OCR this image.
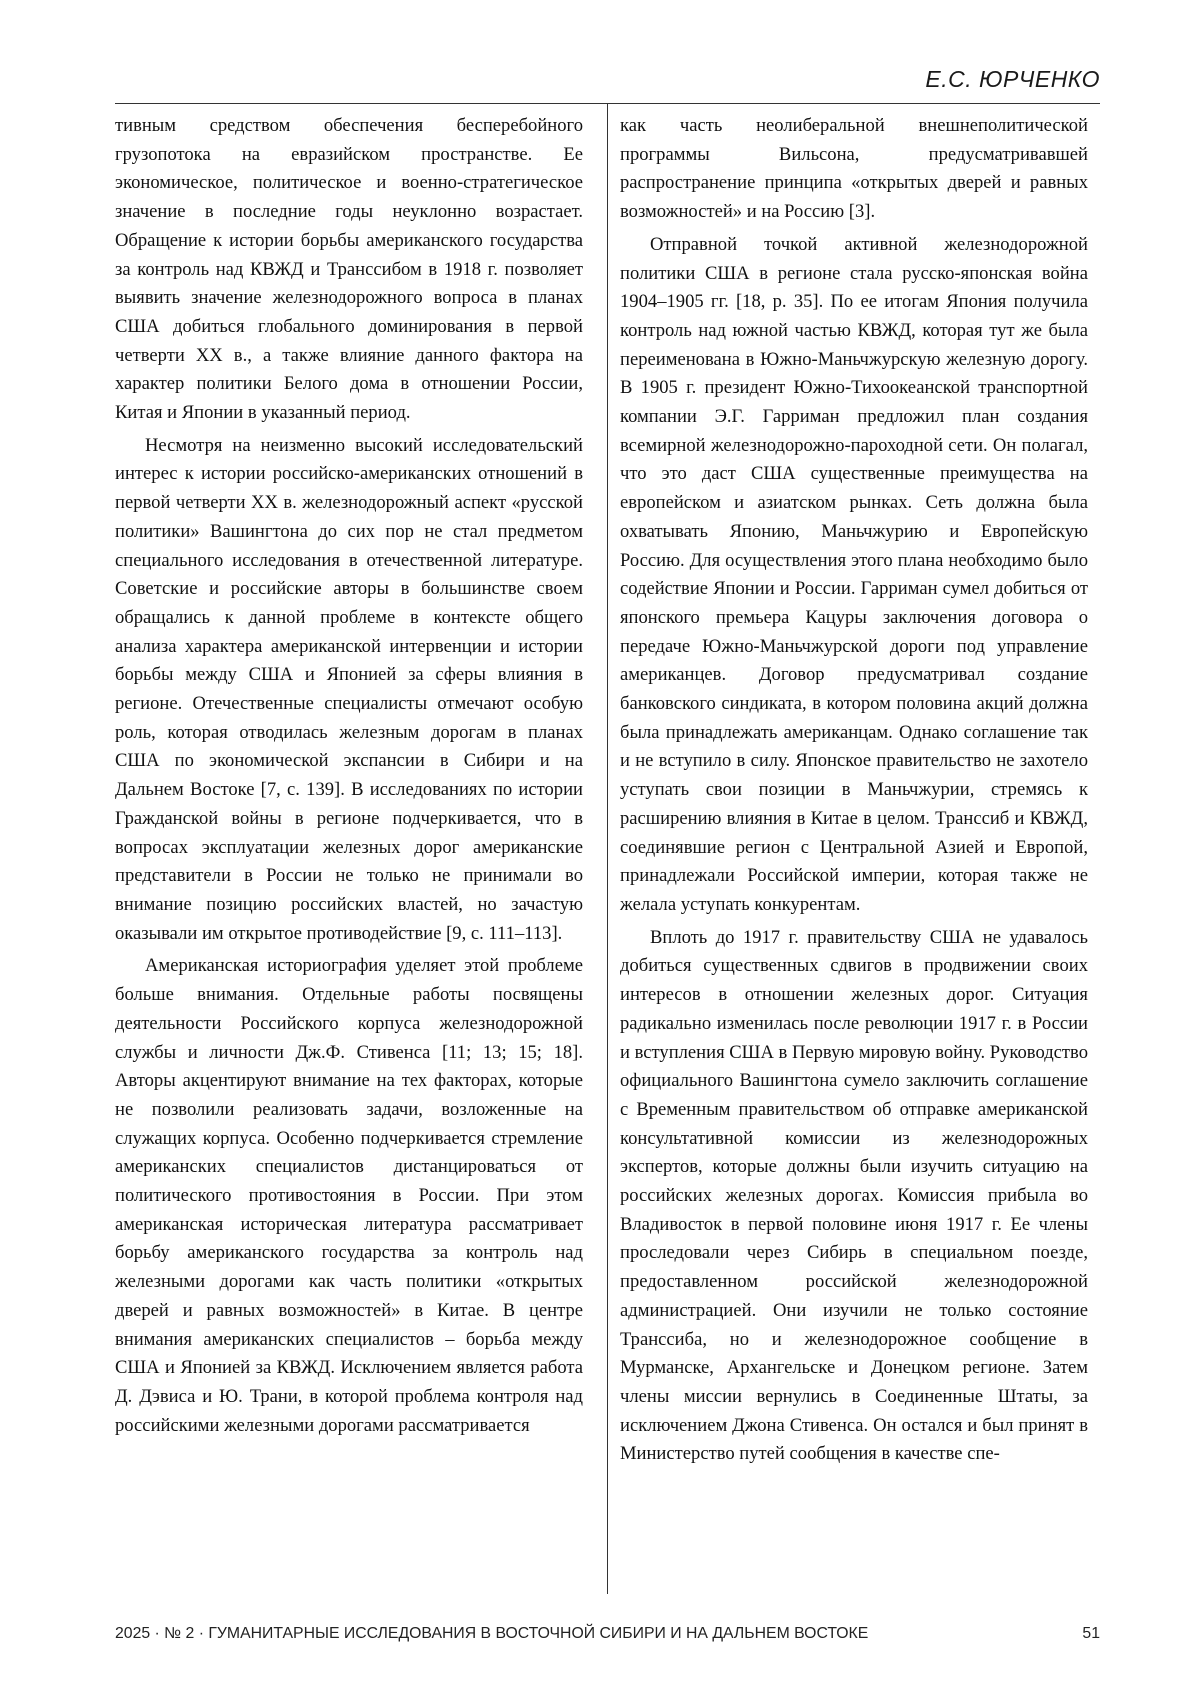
Е.С. ЮРЧЕНКО

тивным средством обеспечения бесперебойного грузопотока на евразийском пространстве. Ее экономическое, политическое и военно-стратегическое значение в последние годы неуклонно возрастает. Обращение к истории борьбы американского государства за контроль над КВЖД и Транссибом в 1918 г. позволяет выявить значение железнодорожного вопроса в планах США добиться глобального доминирования в первой четверти XX в., а также влияние данного фактора на характер политики Белого дома в отношении России, Китая и Японии в указанный период.

Несмотря на неизменно высокий исследовательский интерес к истории российско-американских отношений в первой четверти XX в. железнодорожный аспект «русской политики» Вашингтона до сих пор не стал предметом специального исследования в отечественной литературе. Советские и российские авторы в большинстве своем обращались к данной проблеме в контексте общего анализа характера американской интервенции и истории борьбы между США и Японией за сферы влияния в регионе. Отечественные специалисты отмечают особую роль, которая отводилась железным дорогам в планах США по экономической экспансии в Сибири и на Дальнем Востоке [7, с. 139]. В исследованиях по истории Гражданской войны в регионе подчеркивается, что в вопросах эксплуатации железных дорог американские представители в России не только не принимали во внимание позицию российских властей, но зачастую оказывали им открытое противодействие [9, с. 111–113].

Американская историография уделяет этой проблеме больше внимания. Отдельные работы посвящены деятельности Российского корпуса железнодорожной службы и личности Дж.Ф. Стивенса [11; 13; 15; 18]. Авторы акцентируют внимание на тех факторах, которые не позволили реализовать задачи, возложенные на служащих корпуса. Особенно подчеркивается стремление американских специалистов дистанцироваться от политического противостояния в России. При этом американская историческая литература рассматривает борьбу американского государства за контроль над железными дорогами как часть политики «открытых дверей и равных возможностей» в Китае. В центре внимания американских специалистов – борьба между США и Японией за КВЖД. Исключением является работа Д. Дэвиса и Ю. Трани, в которой проблема контроля над российскими железными дорогами рассматривается

как часть неолиберальной внешнеполитической программы Вильсона, предусматривавшей распространение принципа «открытых дверей и равных возможностей» и на Россию [3].

Отправной точкой активной железнодорожной политики США в регионе стала русско-японская война 1904–1905 гг. [18, p. 35]. По ее итогам Япония получила контроль над южной частью КВЖД, которая тут же была переименована в Южно-Маньчжурскую железную дорогу. В 1905 г. президент Южно-Тихоокеанской транспортной компании Э.Г. Гарриман предложил план создания всемирной железнодорожно-пароходной сети. Он полагал, что это даст США существенные преимущества на европейском и азиатском рынках. Сеть должна была охватывать Японию, Маньчжурию и Европейскую Россию. Для осуществления этого плана необходимо было содействие Японии и России. Гарриман сумел добиться от японского премьера Кацуры заключения договора о передаче Южно-Маньчжурской дороги под управление американцев. Договор предусматривал создание банковского синдиката, в котором половина акций должна была принадлежать американцам. Однако соглашение так и не вступило в силу. Японское правительство не захотело уступать свои позиции в Маньчжурии, стремясь к расширению влияния в Китае в целом. Транссиб и КВЖД, соединявшие регион с Центральной Азией и Европой, принадлежали Российской империи, которая также не желала уступать конкурентам.

Вплоть до 1917 г. правительству США не удавалось добиться существенных сдвигов в продвижении своих интересов в отношении железных дорог. Ситуация радикально изменилась после революции 1917 г. в России и вступления США в Первую мировую войну. Руководство официального Вашингтона сумело заключить соглашение с Временным правительством об отправке американской консультативной комиссии из железнодорожных экспертов, которые должны были изучить ситуацию на российских железных дорогах. Комиссия прибыла во Владивосток в первой половине июня 1917 г. Ее члены проследовали через Сибирь в специальном поезде, предоставленном российской железнодорожной администрацией. Они изучили не только состояние Транссиба, но и железнодорожное сообщение в Мурманске, Архангельске и Донецком регионе. Затем члены миссии вернулись в Соединенные Штаты, за исключением Джона Стивенса. Он остался и был принят в Министерство путей сообщения в качестве спе-

2025 · № 2 · ГУМАНИТАРНЫЕ ИССЛЕДОВАНИЯ В ВОСТОЧНОЙ СИБИРИ И НА ДАЛЬНЕМ ВОСТОКЕ	51
